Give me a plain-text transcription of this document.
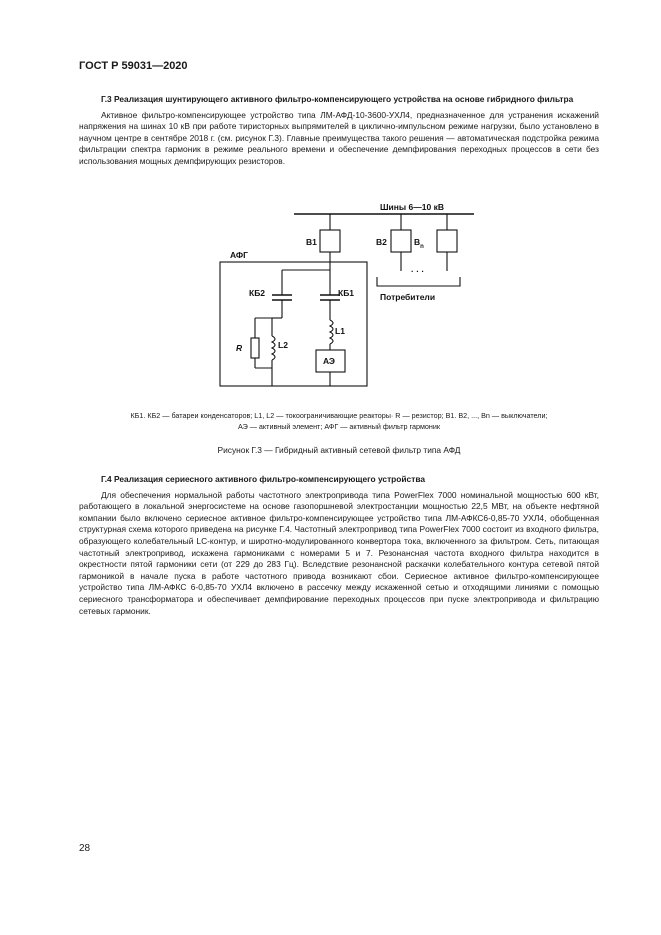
ГОСТ Р 59031—2020
Г.3 Реализация шунтирующего активного фильтро-компенсирующего устройства на основе гибридного фильтра
Активное фильтро-компенсирующее устройство типа ЛМ-АФД-10-3600-УХЛ4, предназначенное для устранения искажений напряжения на шинах 10 кВ при работе тиристорных выпрямителей в циклично-импульсном режиме нагрузки, было установлено в научном центре в сентябре 2018 г. (см. рисунок Г.3). Главные преимущества такого решения — автоматическая подстройка режима фильтрации спектра гармоник в режиме реального времени и обеспечение демпфирования переходных процессов в сети без использования мощных демпфирующих резисторов.
Шины 6—10 кВ
АФГ
В1	В2	$В_n$
· · ·
Потребители
КБ2	КБ1
R	L2
L1
АЭ
КБ1. КБ2 — батареи конденсаторов; L1, L2 — токоограничивающие реакторы· R — резистор; В1. В2, ..., Вn — выключатели;
АЭ — активный элемент; АФГ — активный фильтр гармоник
Рисунок Г.3 — Гибридный активный сетевой фильтр типа АФД
Г.4 Реализация сериесного активного фильтро-компенсирующего устройства
Для обеспечения нормальной работы частотного электропривода типа PowerFlex 7000 номинальной мощностью 600 кВт, работающего в локальной энергосистеме на основе газопоршневой электростанции мощностью 22,5 МВт, на объекте нефтяной компании было включено сериесное активное фильтро-компенсирующее устройство типа ЛМ-АФКС6-0,85-70 УХЛ4, обобщенная структурная схема которого приведена на рисунке Г.4. Частотный электропривод типа PowerFlex 7000 состоит из входного фильтра, образующего колебательный LC-контур, и широтно-модулированного конвертора тока, включенного за фильтром. Сеть, питающая частотный электропривод, искажена гармониками с номерами 5 и 7. Резонансная частота входного фильтра находится в окрестности пятой гармоники сети (от 229 до 283 Гц). Вследствие резонансной раскачки колебательного контура сетевой пятой гармоникой в начале пуска в работе частотного привода возникают сбои. Сериесное активное фильтро-компенсирующее устройство типа ЛМ-АФКС 6-0,85-70 УХЛ4 включено в рассечку между искаженной сетью и отходящими линиями с помощью сериесного трансформатора и обеспечивает демпфирование переходных процессов при пуске электропривода и фильтрацию сетевых гармоник.
28
